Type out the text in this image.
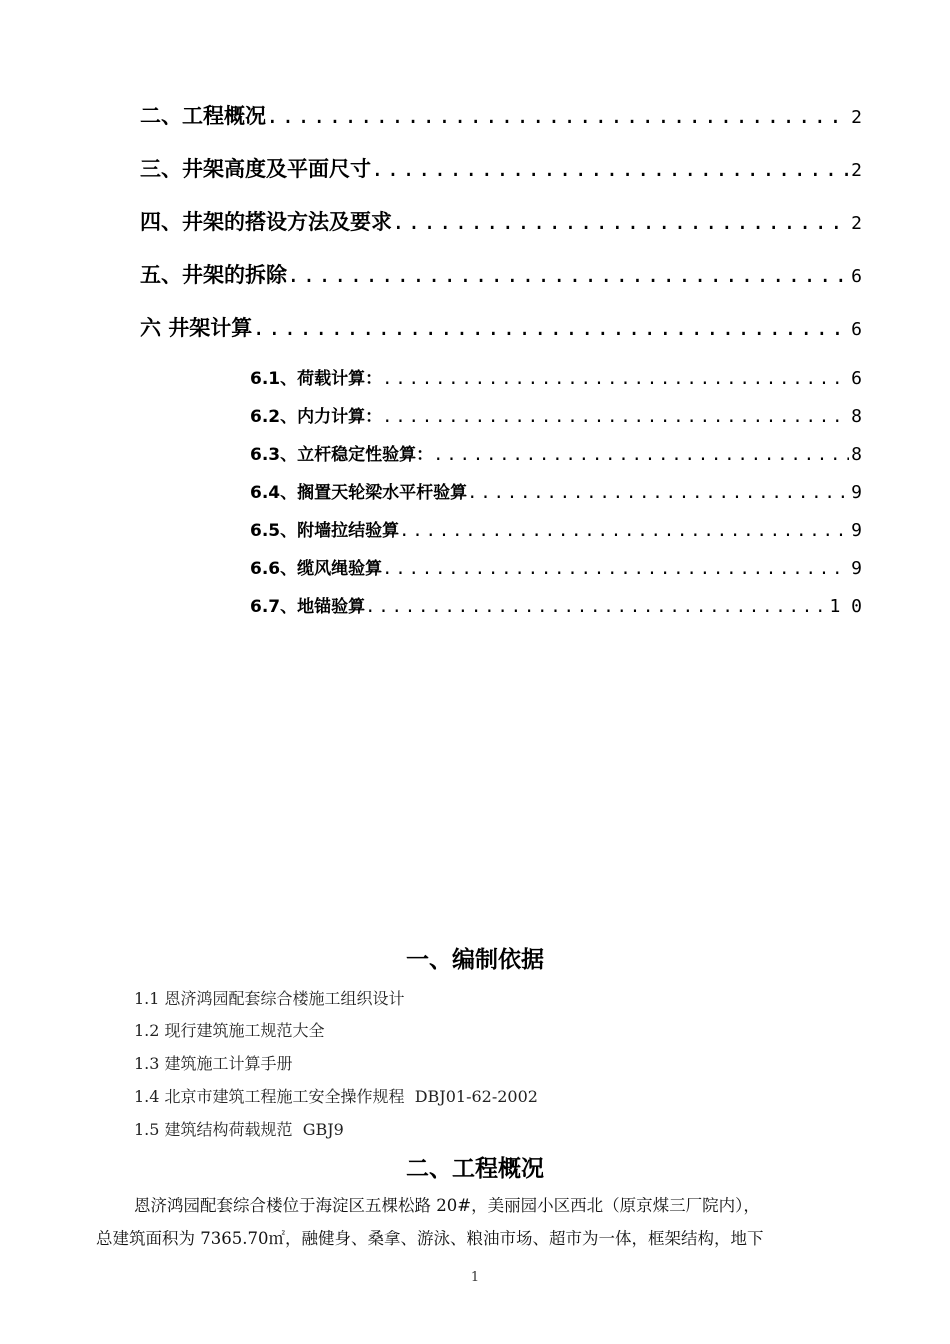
二、工程概况 .....	2
三、井架高度及平面尺寸 .....	2
四、井架的搭设方法及要求 .....	2
五、井架的拆除 .....	6
六 井架计算 .....	6
6.1、荷载计算： .....	6
6.2、内力计算： .....	8
6.3、立杆稳定性验算： .....	8
6.4、搁置天轮梁水平杆验算 .....	9
6.5、附墙拉结验算 .....	9
6.6、缆风绳验算 .....	9
6.7、地锚验算 .....	1 0
一、编制依据
1.1 恩济鸿园配套综合楼施工组织设计
1.2 现行建筑施工规范大全
1.3 建筑施工计算手册
1.4 北京市建筑工程施工安全操作规程  DBJ01-62-2002
1.5 建筑结构荷载规范  GBJ9
二、工程概况
恩济鸿园配套综合楼位于海淀区五棵松路 20#，美丽园小区西北（原京煤三厂院内），
总建筑面积为 7365.70㎡，融健身、桑拿、游泳、粮油市场、超市为一体，框架结构，地下
1
